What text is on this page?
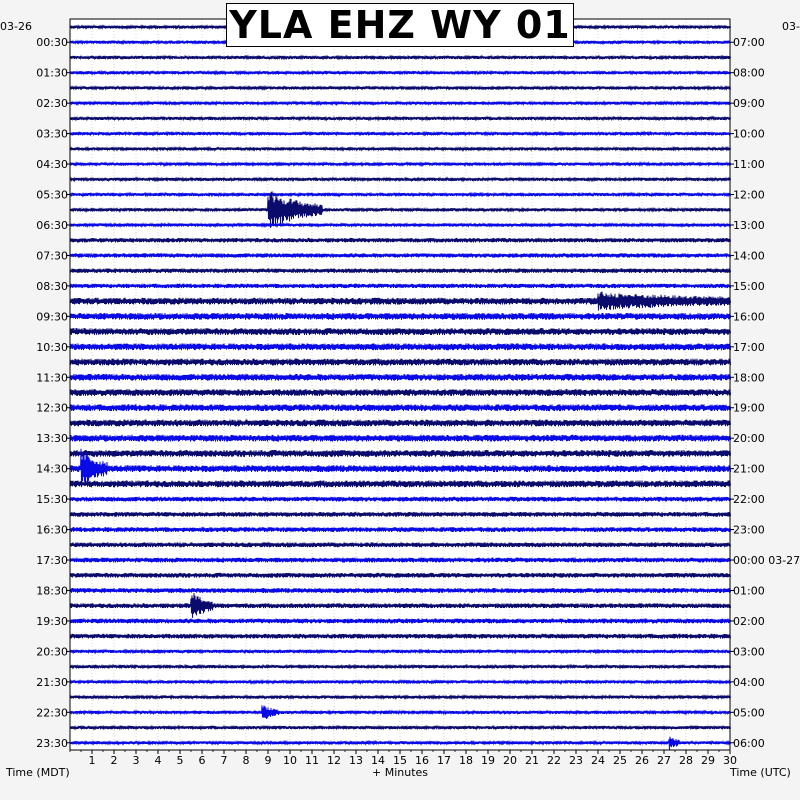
1 2 3 4 5 6 7 8 9 10 11 12 13 14 15 16 17 18 19 20 21 22 23 24 25 26 27 28 29 30
00:30
01:30
02:30
03:30
04:30
05:30
06:30
07:30
08:30
09:30
10:30
11:30
12:30
13:30
14:30
15:30
16:30
17:30
18:30
19:30
20:30
21:30
22:30
23:30
07:00
08:00
09:00
10:00
11:00
12:00
13:00
14:00
15:00
16:00
17:00
18:00
19:00
20:00
21:00
22:00
23:00
00:00 03-27
01:00
02:00
03:00
04:00
05:00
06:00
YLA EHZ WY 01
03-26	03-
Time (MDT)	+ Minutes	Time (UTC)
